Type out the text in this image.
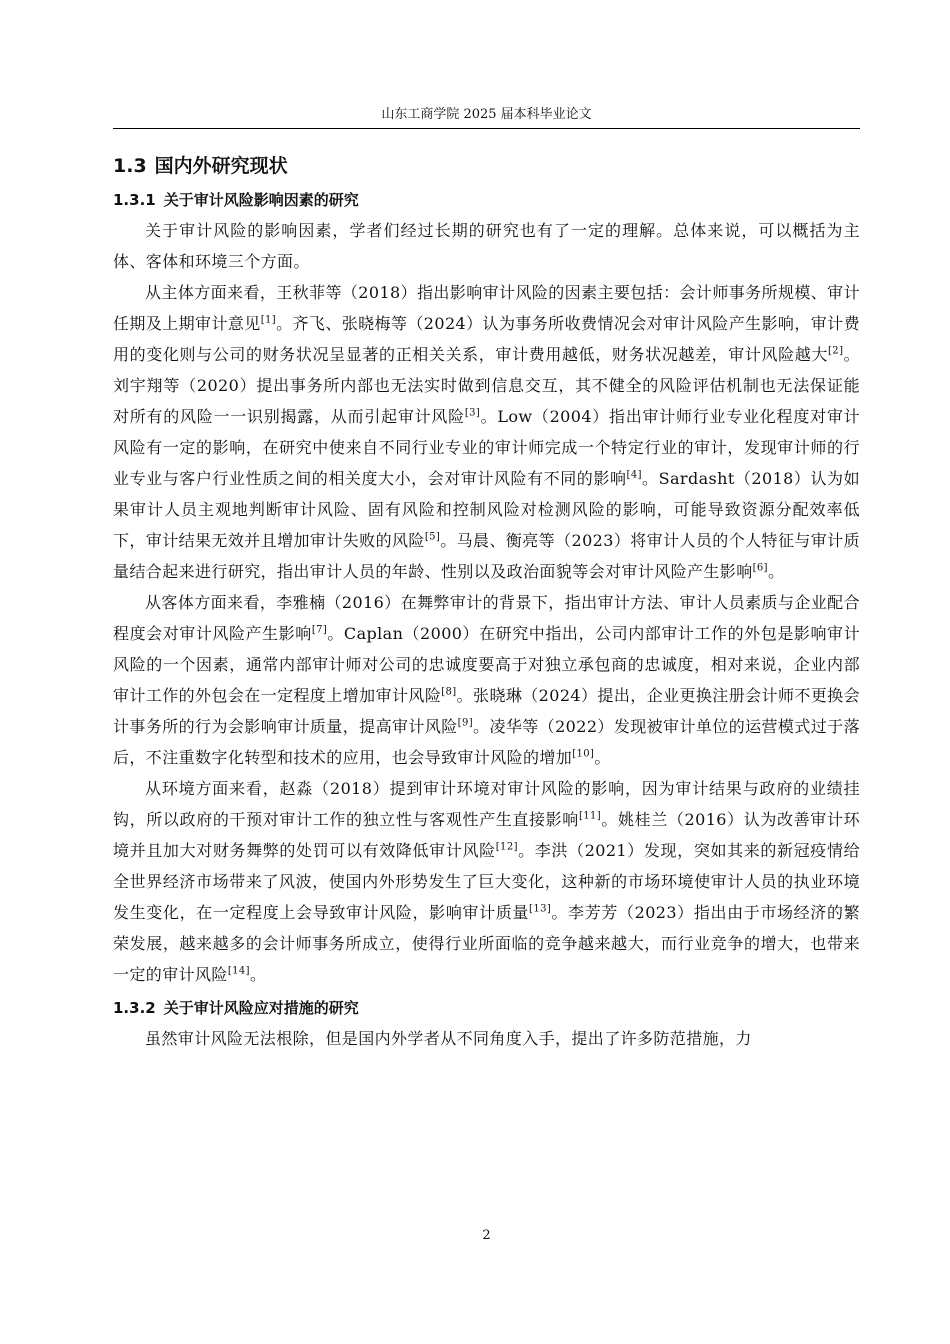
山东工商学院 2025 届本科毕业论文
1.3 国内外研究现状
1.3.1 关于审计风险影响因素的研究

关于审计风险的影响因素，学者们经过长期的研究也有了一定的理解。总体来说，可以概括为主体、客体和环境三个方面。

从主体方面来看，王秋菲等（2018）指出影响审计风险的因素主要包括：会计师事务所规模、审计任期及上期审计意见[1]。齐飞、张晓梅等（2024）认为事务所收费情况会对审计风险产生影响，审计费用的变化则与公司的财务状况呈显著的正相关关系，审计费用越低，财务状况越差，审计风险越大[2]。刘宇翔等（2020）提出事务所内部也无法实时做到信息交互，其不健全的风险评估机制也无法保证能对所有的风险一一识别揭露，从而引起审计风险[3]。Low（2004）指出审计师行业专业化程度对审计风险有一定的影响，在研究中使来自不同行业专业的审计师完成一个特定行业的审计，发现审计师的行业专业与客户行业性质之间的相关度大小，会对审计风险有不同的影响[4]。Sardasht（2018）认为如果审计人员主观地判断审计风险、固有风险和控制风险对检测风险的影响，可能导致资源分配效率低下，审计结果无效并且增加审计失败的风险[5]。马晨、衡亮等（2023）将审计人员的个人特征与审计质量结合起来进行研究，指出审计人员的年龄、性别以及政治面貌等会对审计风险产生影响[6]。

从客体方面来看，李雅楠（2016）在舞弊审计的背景下，指出审计方法、审计人员素质与企业配合程度会对审计风险产生影响[7]。Caplan（2000）在研究中指出，公司内部审计工作的外包是影响审计风险的一个因素，通常内部审计师对公司的忠诚度要高于对独立承包商的忠诚度，相对来说，企业内部审计工作的外包会在一定程度上增加审计风险[8]。张晓琳（2024）提出，企业更换注册会计师不更换会计事务所的行为会影响审计质量，提高审计风险[9]。凌华等（2022）发现被审计单位的运营模式过于落后，不注重数字化转型和技术的应用，也会导致审计风险的增加[10]。

从环境方面来看，赵淼（2018）提到审计环境对审计风险的影响，因为审计结果与政府的业绩挂钩，所以政府的干预对审计工作的独立性与客观性产生直接影响[11]。姚桂兰（2016）认为改善审计环境并且加大对财务舞弊的处罚可以有效降低审计风险[12]。李洪（2021）发现，突如其来的新冠疫情给全世界经济市场带来了风波，使国内外形势发生了巨大变化，这种新的市场环境使审计人员的执业环境发生变化，在一定程度上会导致审计风险，影响审计质量[13]。李芳芳（2023）指出由于市场经济的繁荣发展，越来越多的会计师事务所成立，使得行业所面临的竞争越来越大，而行业竞争的增大，也带来一定的审计风险[14]。

1.3.2 关于审计风险应对措施的研究

虽然审计风险无法根除，但是国内外学者从不同角度入手，提出了许多防范措施，力

2
